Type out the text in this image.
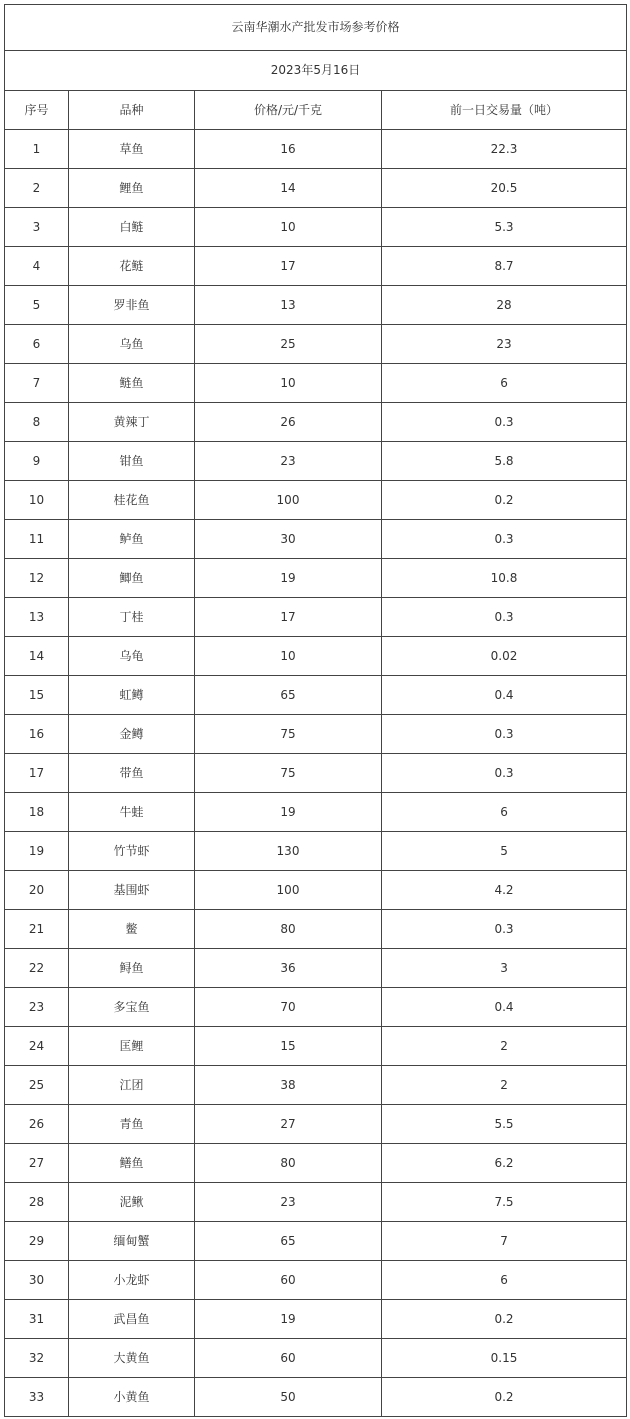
云南华潮水产批发市场参考价格			
2023年5月16日			
序号	品种	价格/元/千克	前一日交易量（吨）
1	草鱼	16	22.3
2	鲤鱼	14	20.5
3	白鲢	10	5.3
4	花鲢	17	8.7
5	罗非鱼	13	28
6	乌鱼	25	23
7	鲢鱼	10	6
8	黄辣丁	26	0.3
9	钳鱼	23	5.8
10	桂花鱼	100	0.2
11	鲈鱼	30	0.3
12	鲫鱼	19	10.8
13	丁桂	17	0.3
14	乌龟	10	0.02
15	虹鳟	65	0.4
16	金鳟	75	0.3
17	带鱼	75	0.3
18	牛蛙	19	6
19	竹节虾	130	5
20	基围虾	100	4.2
21	鳖	80	0.3
22	鲟鱼	36	3
23	多宝鱼	70	0.4
24	匡鲤	15	2
25	江团	38	2
26	青鱼	27	5.5
27	鳝鱼	80	6.2
28	泥鳅	23	7.5
29	缅甸蟹	65	7
30	小龙虾	60	6
31	武昌鱼	19	0.2
32	大黄鱼	60	0.15
33	小黄鱼	50	0.2
